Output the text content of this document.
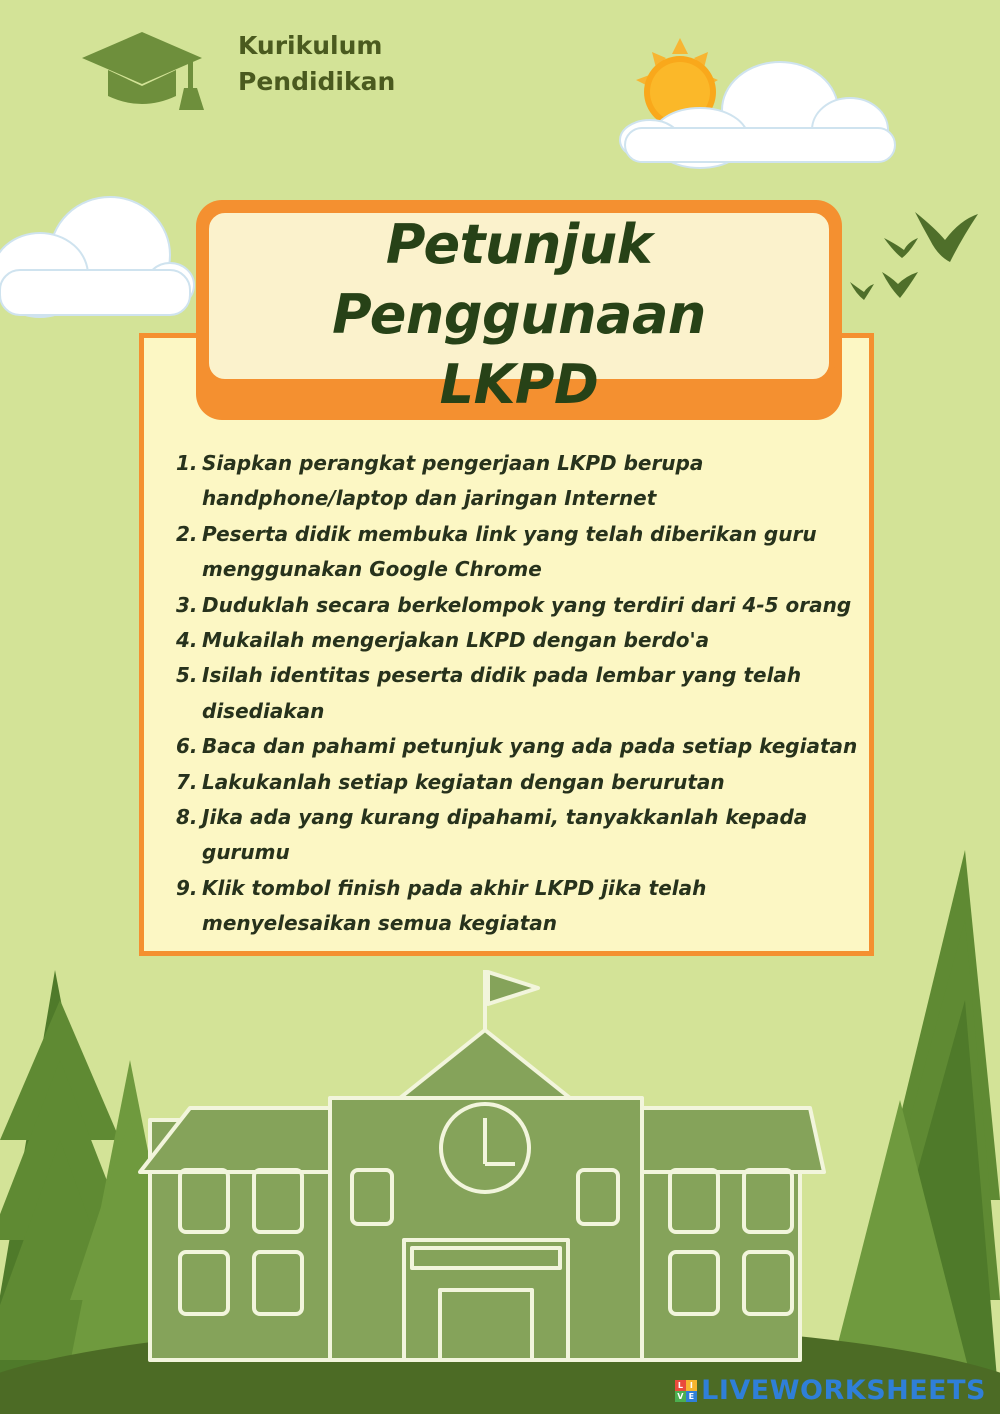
Kurikulum
Pendidikan
Petunjuk Penggunaan
LKPD
1. Siapkan perangkat pengerjaan LKPD berupa handphone/laptop dan jaringan Internet
2. Peserta didik membuka link yang telah diberikan guru menggunakan Google Chrome
3. Duduklah secara berkelompok yang terdiri dari 4-5 orang
4. Mukailah mengerjakan LKPD dengan berdo'a
5. Isilah identitas peserta didik pada lembar yang telah disediakan
6. Baca dan pahami petunjuk yang ada pada setiap kegiatan
7. Lakukanlah setiap kegiatan dengan berurutan
8. Jika ada yang kurang dipahami, tanyakkanlah kepada gurumu
9. Klik tombol finish pada akhir LKPD jika telah menyelesaikan semua kegiatan
L I
V E LIVEWORKSHEETS
